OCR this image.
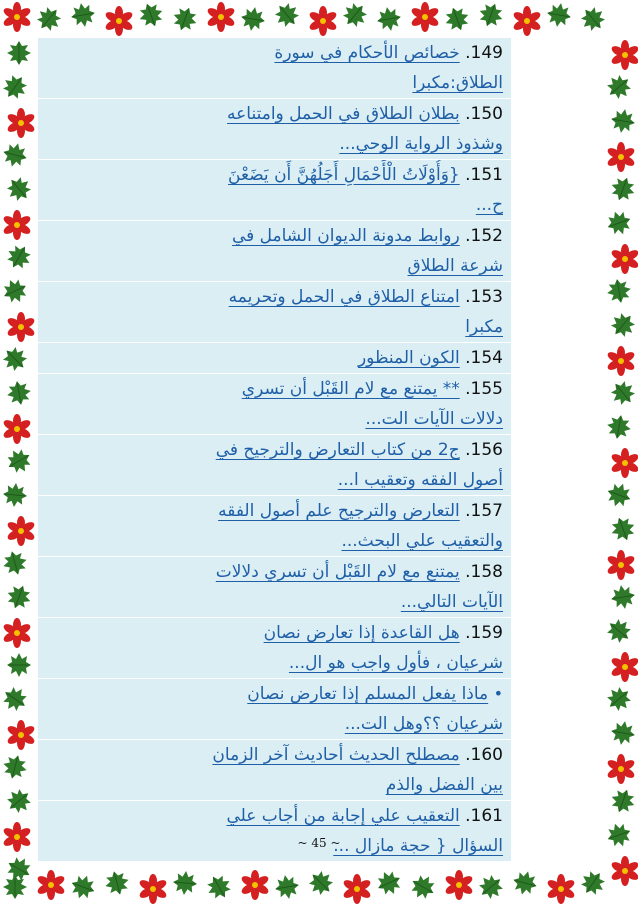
149. خصائص الأحكام في سورة
الطلاق:مكبرا
150. بطلان الطلاق في الحمل وامتناعه
وشذوذ الرواية الوحي...
151. {وَأُوْلَاتُ الْأَحْمَالِ أَجَلُهُنَّ أَن يَضَعْنَ
ح...
152. روابط مدونة الديوان الشامل في
شرعة الطلاق
153. امتناع الطلاق في الحمل وتحريمه
مكبرا
154. الكون المنظور
155. ** يمتنع مع لام القَبْل أن تسري
دلالات الآيات الت...
156. ج2 من كتاب التعارض والترجيح في
أصول الفقه وتعقيب ا...
157. التعارض والترجيح علم أصول الفقه
والتعقيب علي البحث...
158. يمتنع مع لام القَبْل أن تسري دلالات
الآيات التالي...
159. هل القاعدة إذا تعارض نصان
شرعيان ، فأول واجب هو ال...
• ماذا يفعل المسلم إذا تعارض نصان
شرعيان ؟؟وهل الت...
160. مصطلح الحديث أحاديث آخر الزمان
بين الفضل والذم
161. التعقيب علي إجابة من أجاب علي
السؤال { حجة مازال ...
~ 45 ~
